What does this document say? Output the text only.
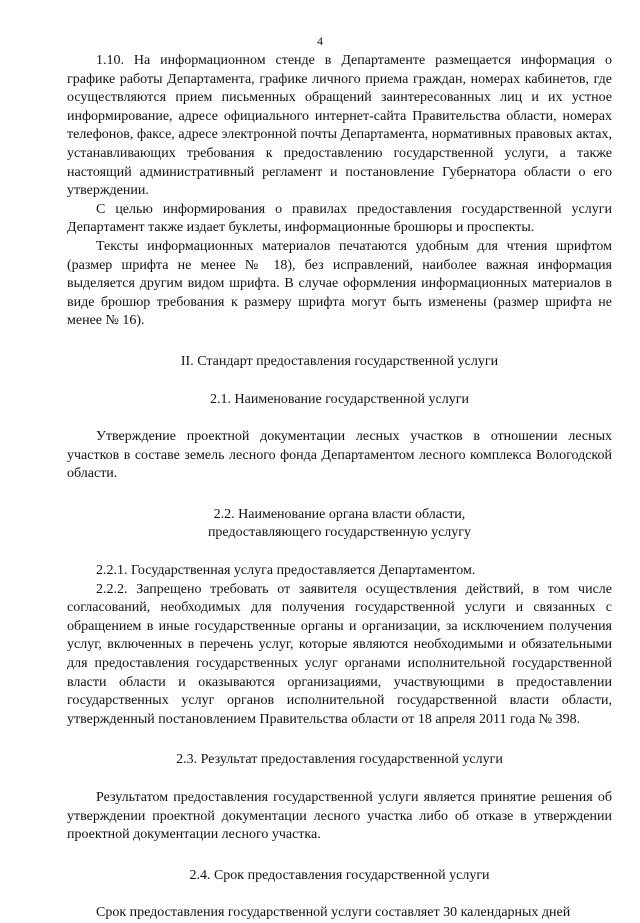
4

1.10. На информационном стенде в Департаменте размещается информация о графике работы Департамента, графике личного приема граждан, номерах кабинетов, где осуществляются прием письменных обращений заинтересованных лиц и их устное информирование, адресе официального интернет-сайта Правительства области, номерах телефонов, факсе, адресе электронной почты Департамента, нормативных правовых актах, устанавливающих требования к предоставлению государственной услуги, а также настоящий административный регламент и постановление Губернатора области о его утверждении.

С целью информирования о правилах предоставления государственной услуги Департамент также издает буклеты, информационные брошюры и проспекты.

Тексты информационных материалов печатаются удобным для чтения шрифтом (размер шрифта не менее № 18), без исправлений, наиболее важная информация выделяется другим видом шрифта. В случае оформления информационных материалов в виде брошюр требования к размеру шрифта могут быть изменены (размер шрифта не менее № 16).

II. Стандарт предоставления государственной услуги
2.1. Наименование государственной услуги

Утверждение проектной документации лесных участков в отношении лесных участков в составе земель лесного фонда Департаментом лесного комплекса Вологодской области.

2.2. Наименование органа власти области,
предоставляющего государственную услугу

2.2.1. Государственная услуга предоставляется Департаментом.

2.2.2. Запрещено требовать от заявителя осуществления действий, в том числе согласований, необходимых для получения государственной услуги и связанных с обращением в иные государственные органы и организации, за исключением получения услуг, включенных в перечень услуг, которые являются необходимыми и обязательными для предоставления государственных услуг органами исполнительной государственной власти области и оказываются организациями, участвующими в предоставлении государственных услуг органов исполнительной государственной власти области, утвержденный постановлением Правительства области от 18 апреля 2011 года № 398.

2.3. Результат предоставления государственной услуги

Результатом предоставления государственной услуги является принятие решения об утверждении проектной документации лесного участка либо об отказе в утверждении проектной документации лесного участка.

2.4. Срок предоставления государственной услуги

Срок предоставления государственной услуги составляет 30 календарных дней
